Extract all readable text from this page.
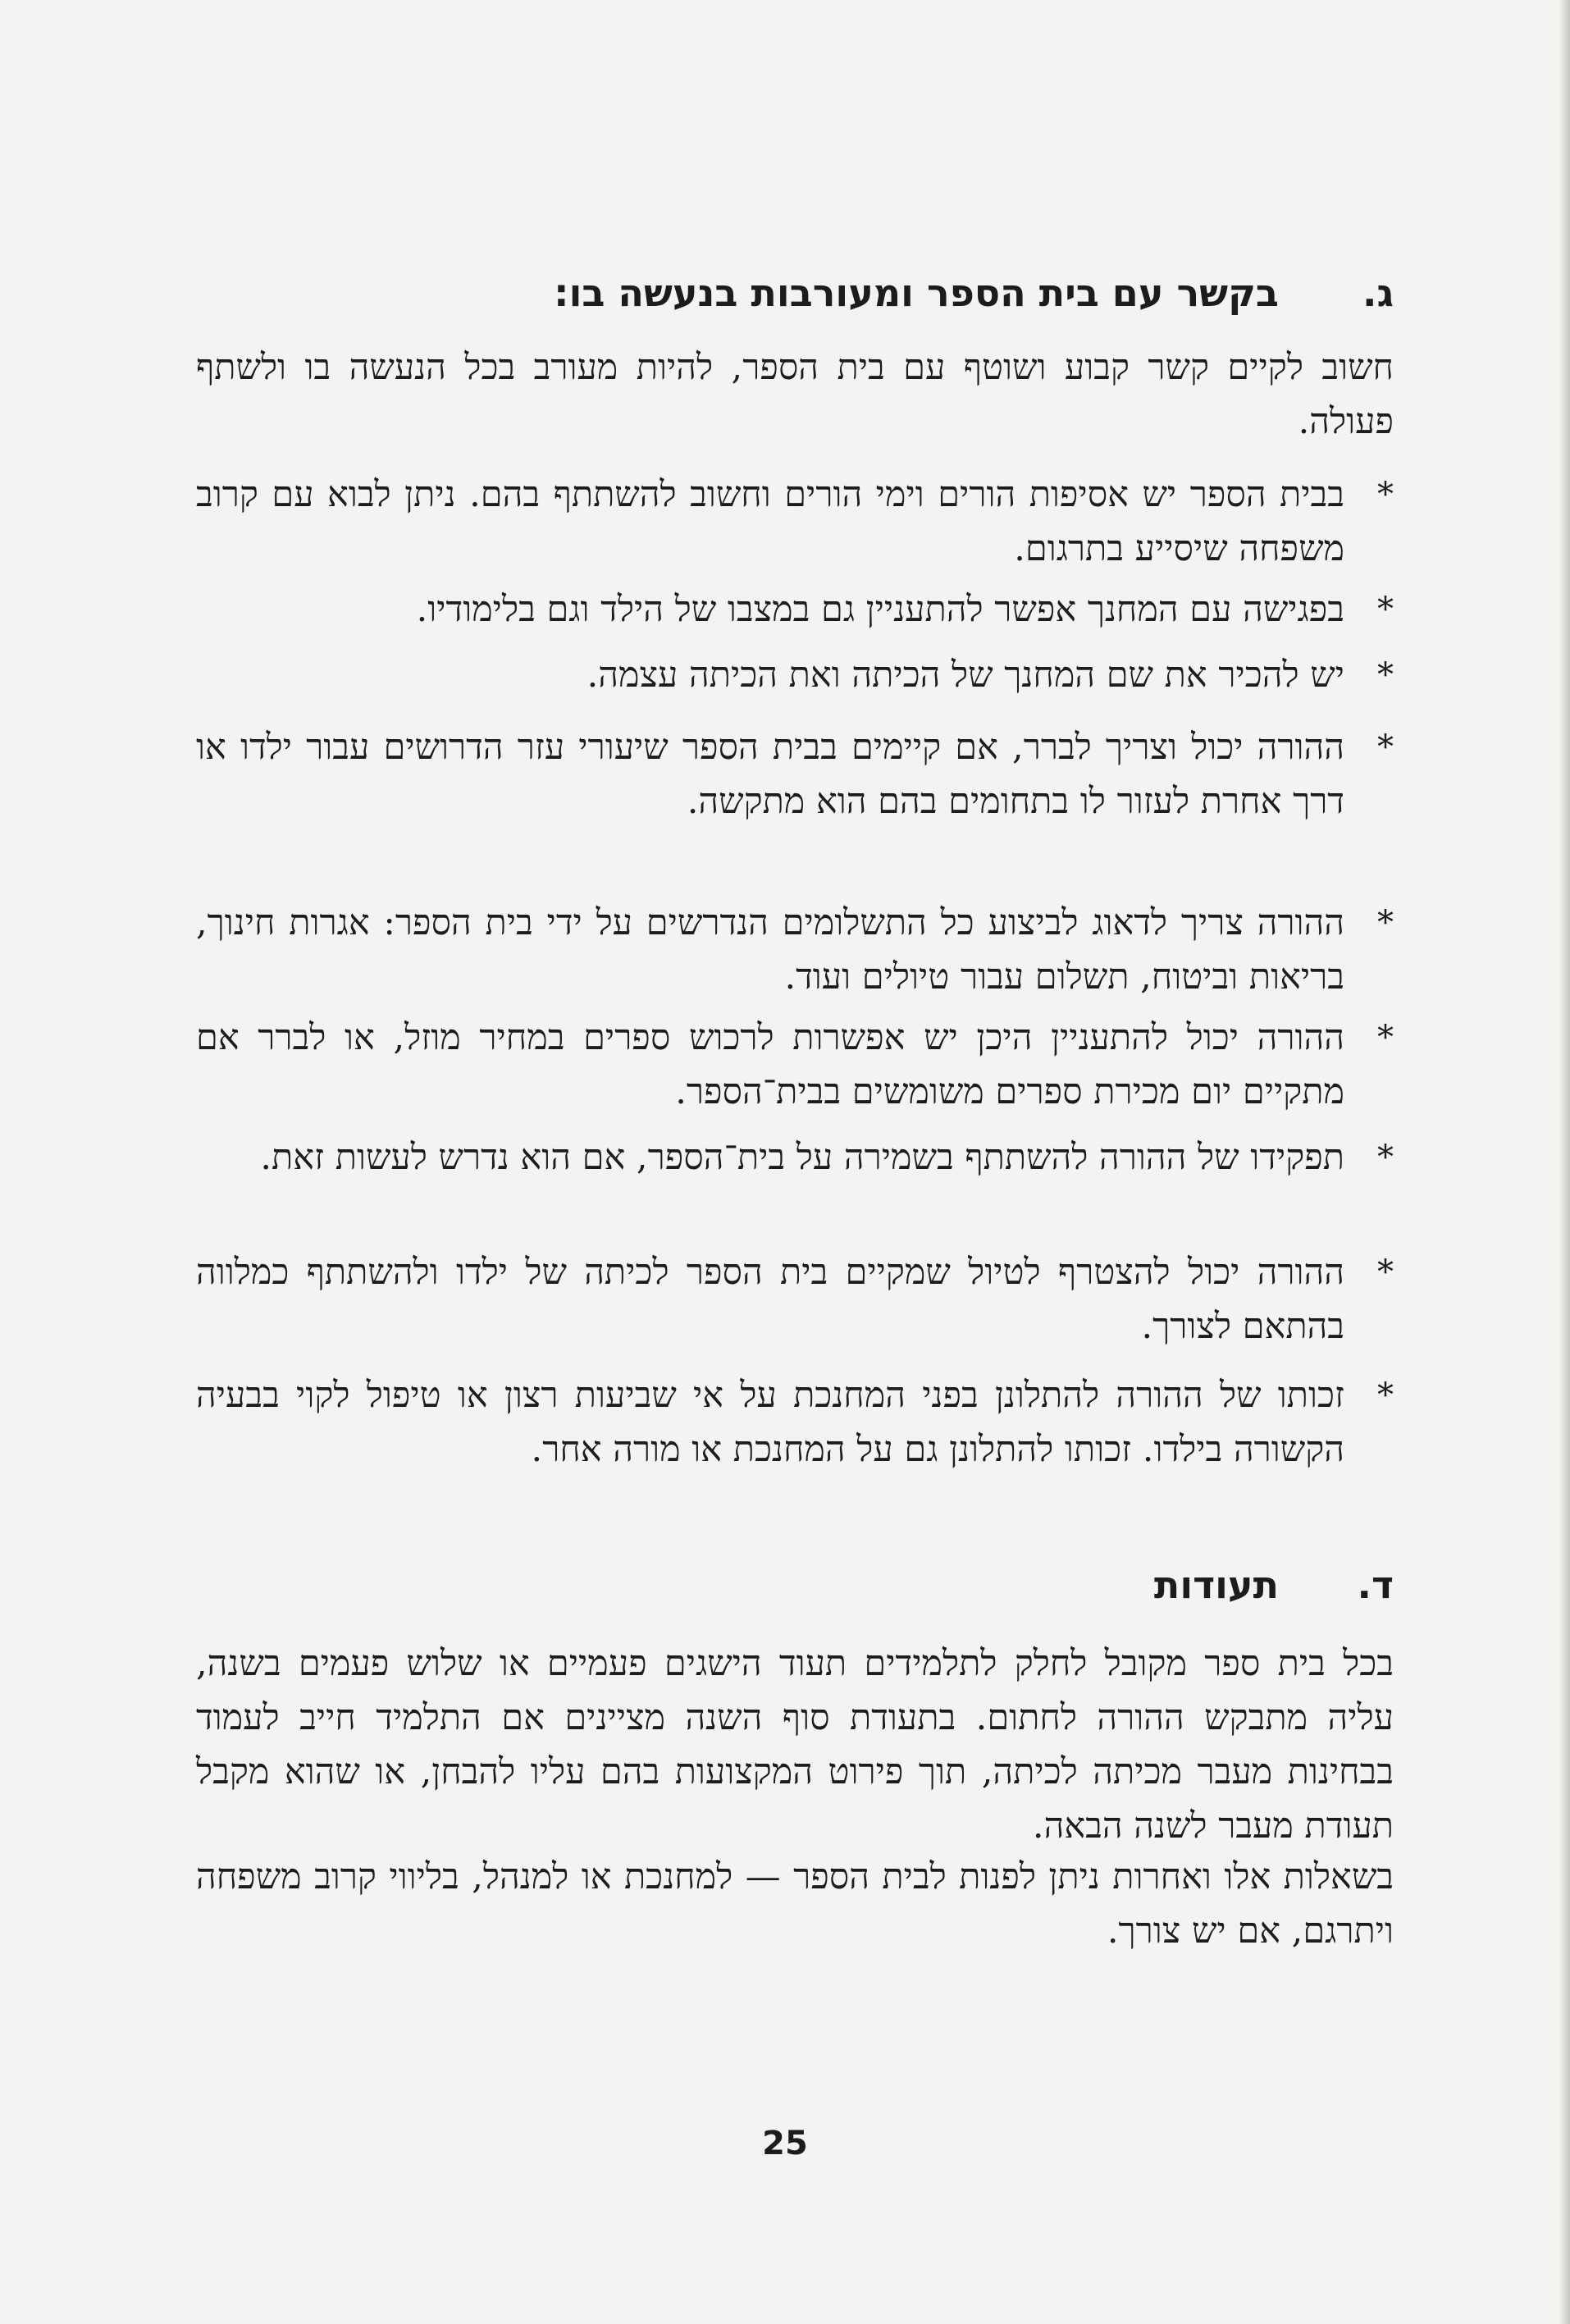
ג.
בקשר עם בית הספר ומעורבות בנעשה בו:
חשוב לקיים קשר קבוע ושוטף עם בית הספר, להיות מעורב בכל הנעשה בו ולשתף פעולה.
*
בבית הספר יש אסיפות הורים וימי הורים וחשוב להשתתף בהם. ניתן לבוא עם קרוב משפחה שיסייע בתרגום.
*
בפגישה עם המחנך אפשר להתעניין גם במצבו של הילד וגם בלימודיו.
*
יש להכיר את שם המחנך של הכיתה ואת הכיתה עצמה.
*
ההורה יכול וצריך לברר, אם קיימים בבית הספר שיעורי עזר הדרושים עבור ילדו או דרך אחרת לעזור לו בתחומים בהם הוא מתקשה.
*
ההורה צריך לדאוג לביצוע כל התשלומים הנדרשים על ידי בית הספר: אגרות חינוך, בריאות וביטוח, תשלום עבור טיולים ועוד.
*
ההורה יכול להתעניין היכן יש אפשרות לרכוש ספרים במחיר מוזל, או לברר אם מתקיים יום מכירת ספרים משומשים בבית־הספר.
*
תפקידו של ההורה להשתתף בשמירה על בית־הספר, אם הוא נדרש לעשות זאת.
*
ההורה יכול להצטרף לטיול שמקיים בית הספר לכיתה של ילדו ולהשתתף כמלווה בהתאם לצורך.
*
זכותו של ההורה להתלונן בפני המחנכת על אי שביעות רצון או טיפול לקוי בבעיה הקשורה בילדו. זכותו להתלונן גם על המחנכת או מורה אחר.
ד.
תעודות
בכל בית ספר מקובל לחלק לתלמידים תעוד הישגים פעמיים או שלוש פעמים בשנה, עליה מתבקש ההורה לחתום. בתעודת סוף השנה מציינים אם התלמיד חייב לעמוד בבחינות מעבר מכיתה לכיתה, תוך פירוט המקצועות בהם עליו להבחן, או שהוא מקבל תעודת מעבר לשנה הבאה.
בשאלות אלו ואחרות ניתן לפנות לבית הספר — למחנכת או למנהל, בליווי קרוב משפחה ויתרגם, אם יש צורך.
25
